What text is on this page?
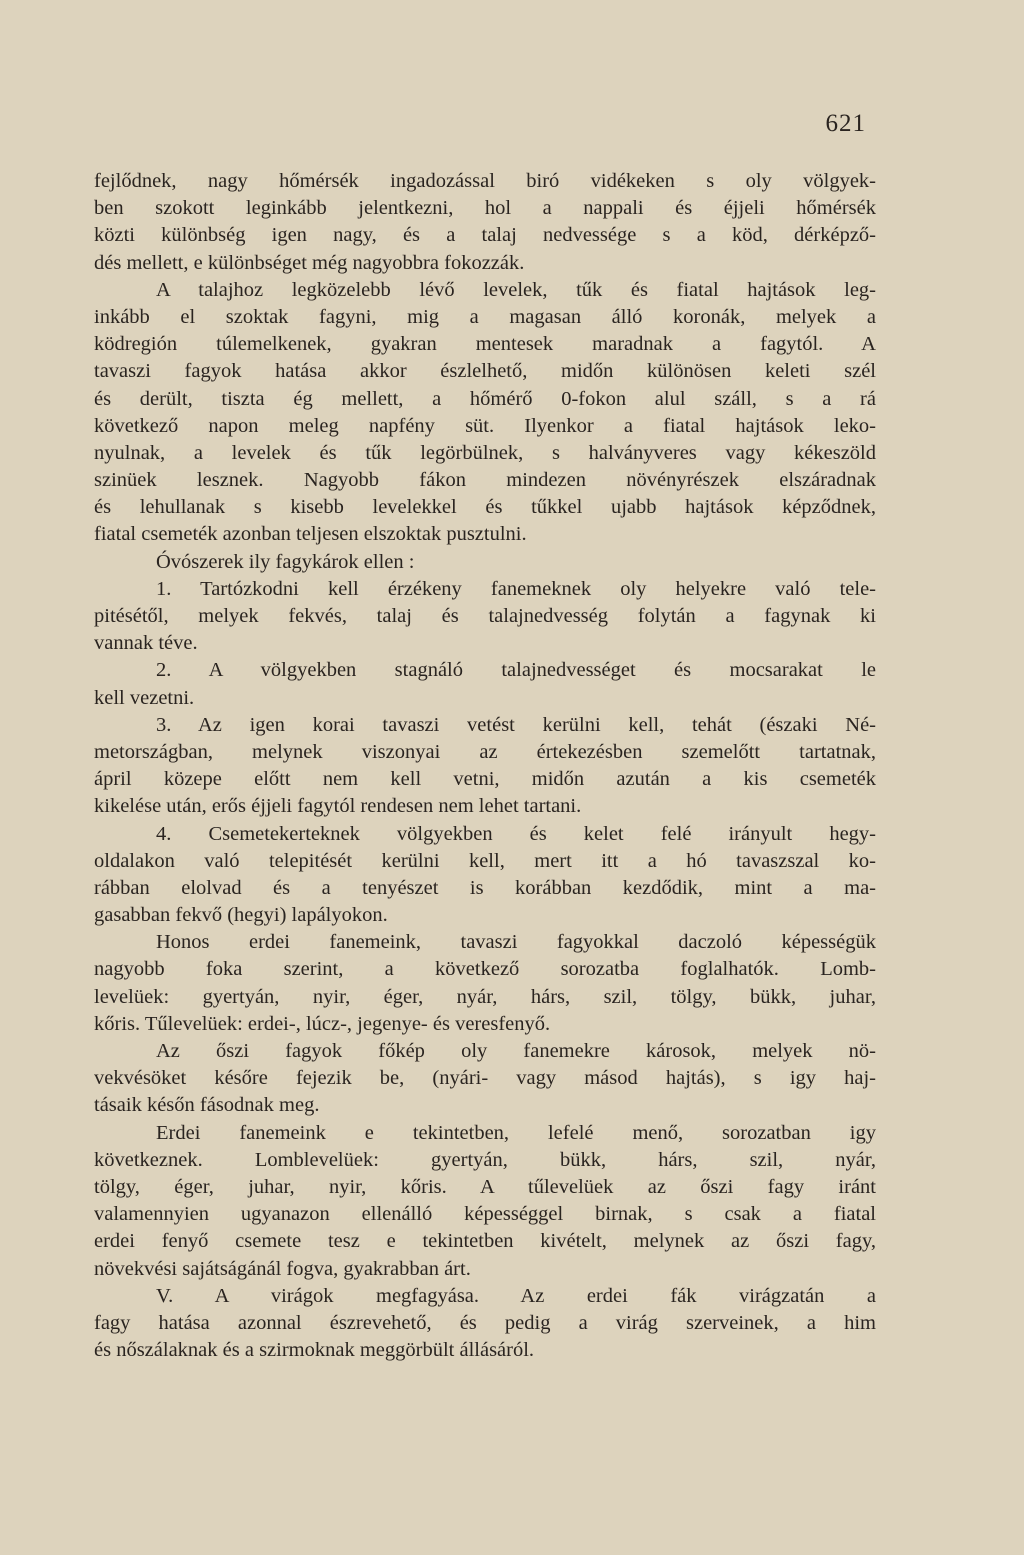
621
fejlődnek, nagy hőmérsék ingadozással biró vidékeken s oly völgyek-
ben szokott leginkább jelentkezni, hol a nappali és éjjeli hőmérsék
közti különbség igen nagy, és a talaj nedvessége s a köd, dérképző-
dés mellett, e különbséget még nagyobbra fokozzák.
A talajhoz legközelebb lévő levelek, tűk és fiatal hajtások leg-
inkább el szoktak fagyni, mig a magasan álló koronák, melyek a
ködregión túlemelkenek, gyakran mentesek maradnak a fagytól. A
tavaszi fagyok hatása akkor észlelhető, midőn különösen keleti szél
és derült, tiszta ég mellett, a hőmérő 0-fokon alul száll, s a rá
következő napon meleg napfény süt. Ilyenkor a fiatal hajtások leko-
nyulnak, a levelek és tűk legörbülnek, s halványveres vagy kékeszöld
szinüek lesznek. Nagyobb fákon mindezen növényrészek elszáradnak
és lehullanak s kisebb levelekkel és tűkkel ujabb hajtások képződnek,
fiatal csemeték azonban teljesen elszoktak pusztulni.
Óvószerek ily fagykárok ellen :
1. Tartózkodni kell érzékeny fanemeknek oly helyekre való tele-
pitésétől, melyek fekvés, talaj és talajnedvesség folytán a fagynak ki
vannak téve.
2. A völgyekben stagnáló talajnedvességet és mocsarakat le
kell vezetni.
3. Az igen korai tavaszi vetést kerülni kell, tehát (északi Né-
metországban, melynek viszonyai az értekezésben szemelőtt tartatnak,
ápril közepe előtt nem kell vetni, midőn azután a kis csemeték
kikelése után, erős éjjeli fagytól rendesen nem lehet tartani.
4. Csemetekerteknek völgyekben és kelet felé irányult hegy-
oldalakon való telepitését kerülni kell, mert itt a hó tavaszszal ko-
rábban elolvad és a tenyészet is korábban kezdődik, mint a ma-
gasabban fekvő (hegyi) lapályokon.
Honos erdei fanemeink, tavaszi fagyokkal daczoló képességük
nagyobb foka szerint, a következő sorozatba foglalhatók. Lomb-
levelüek: gyertyán, nyir, éger, nyár, hárs, szil, tölgy, bükk, juhar,
kőris. Tűlevelüek: erdei-, lúcz-, jegenye- és veresfenyő.
Az őszi fagyok főkép oly fanemekre károsok, melyek nö-
vekvésöket későre fejezik be, (nyári- vagy másod hajtás), s igy haj-
tásaik későn fásodnak meg.
Erdei fanemeink e tekintetben, lefelé menő, sorozatban igy
következnek. Lomblevelüek: gyertyán, bükk, hárs, szil, nyár,
tölgy, éger, juhar, nyir, kőris. A tűlevelüek az őszi fagy iránt
valamennyien ugyanazon ellenálló képességgel birnak, s csak a fiatal
erdei fenyő csemete tesz e tekintetben kivételt, melynek az őszi fagy,
növekvési sajátságánál fogva, gyakrabban árt.
V. A virágok megfagyása. Az erdei fák virágzatán a
fagy hatása azonnal észrevehető, és pedig a virág szerveinek, a him
és nőszálaknak és a szirmoknak meggörbült állásáról.
